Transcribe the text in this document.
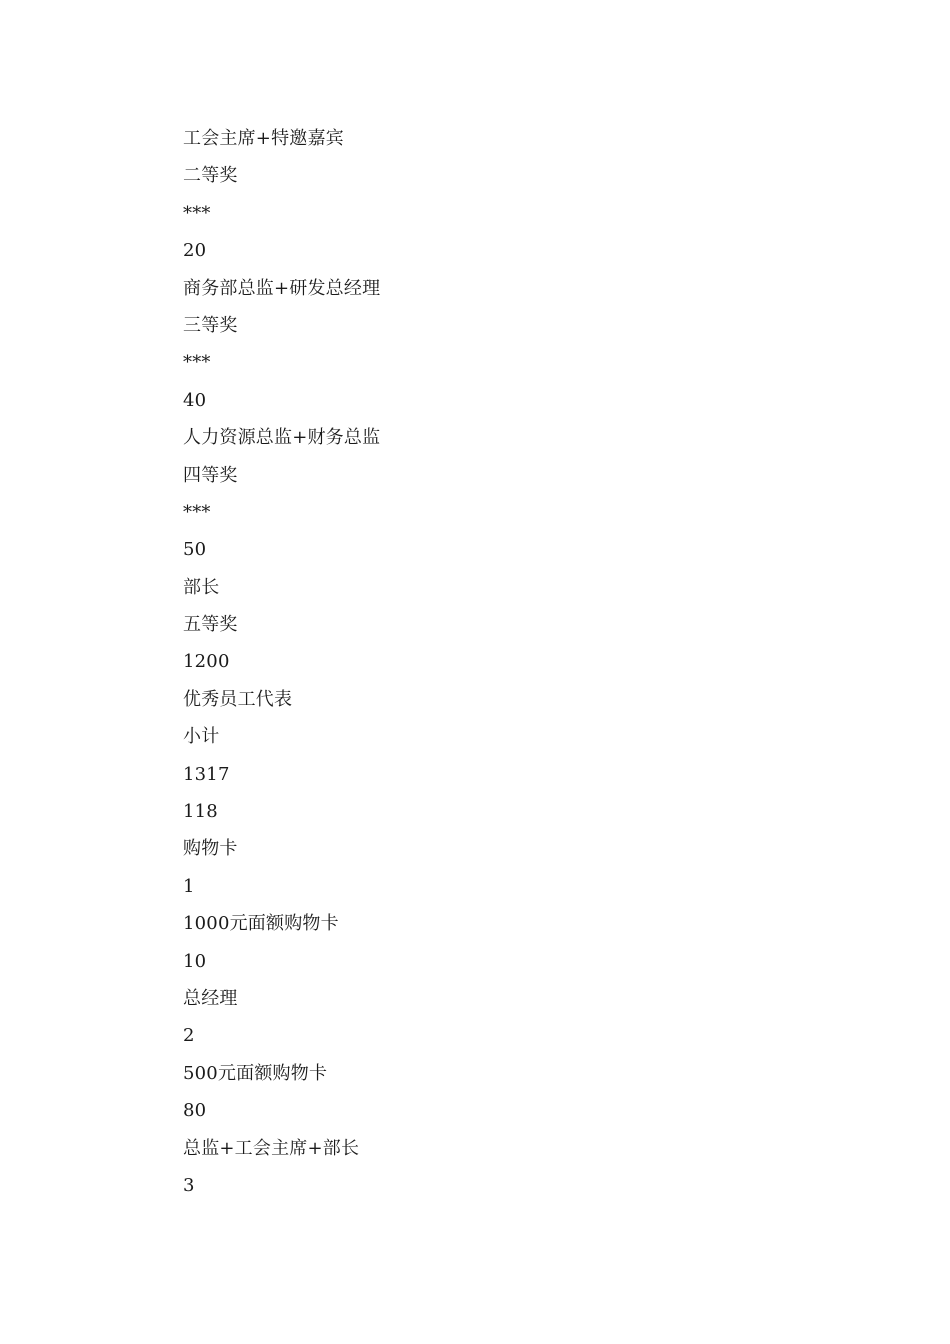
工会主席+特邀嘉宾
二等奖
***
20
商务部总监+研发总经理
三等奖
***
40
人力资源总监+财务总监
四等奖
***
50
部长
五等奖
1200
优秀员工代表
小计
1317
118
购物卡
1
1000元面额购物卡
10
总经理
2
500元面额购物卡
80
总监+工会主席+部长
3
